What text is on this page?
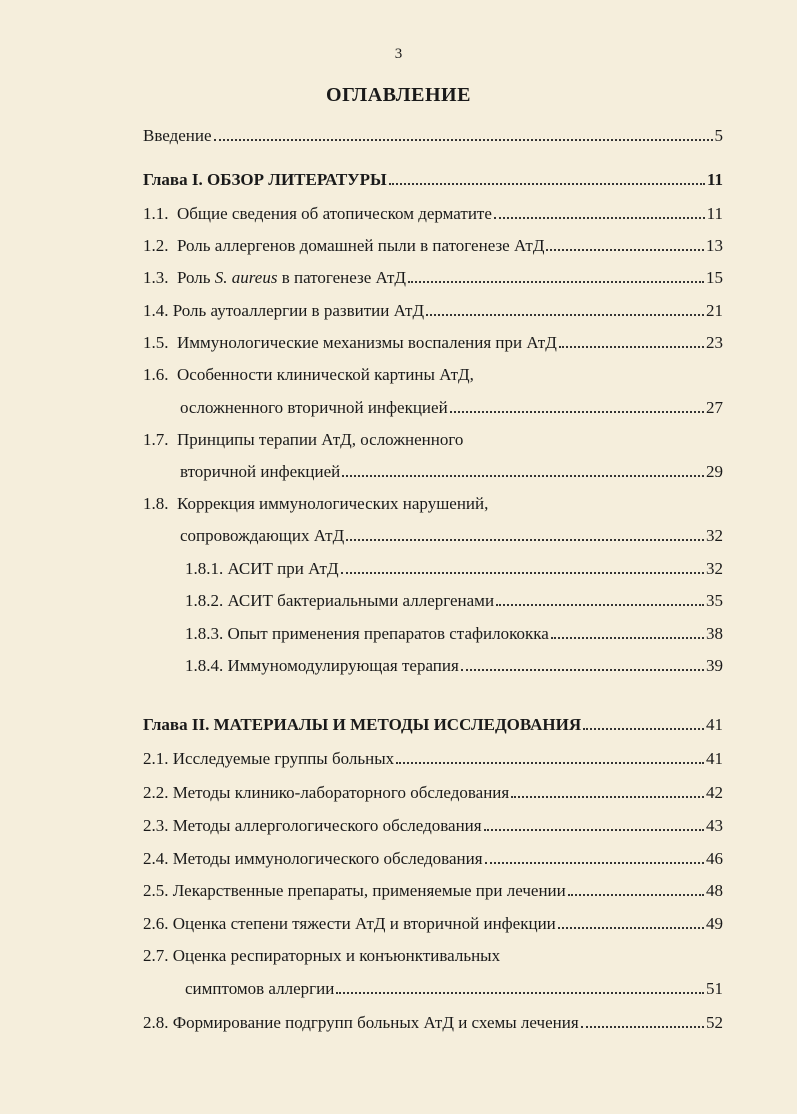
3
ОГЛАВЛЕНИЕ
Введение	5
Глава I. ОБЗОР ЛИТЕРАТУРЫ	11
1.1. Общие сведения об атопическом дерматите	11
1.2. Роль аллергенов домашней пыли в патогенезе АтД	13
1.3. Роль S. aureus в патогенезе АтД	15
1.4. Роль аутоаллергии в развитии АтД	21
1.5. Иммунологические механизмы воспаления при АтД	23
1.6. Особенности клинической картины АтД,
осложненного вторичной инфекцией	27
1.7. Принципы терапии АтД, осложненного
вторичной инфекцией	29
1.8. Коррекция иммунологических нарушений,
сопровождающих АтД	32
1.8.1. АСИТ при АтД	32
1.8.2. АСИТ бактериальными аллергенами	35
1.8.3. Опыт применения препаратов стафилококка	38
1.8.4. Иммуномодулирующая терапия	39
Глава II. МАТЕРИАЛЫ И МЕТОДЫ ИССЛЕДОВАНИЯ	41
2.1. Исследуемые группы больных	41
2.2. Методы клинико-лабораторного обследования	42
2.3. Методы аллергологического обследования	43
2.4. Методы иммунологического обследования	46
2.5. Лекарственные препараты, применяемые при лечении	48
2.6. Оценка степени тяжести АтД и вторичной инфекции	49
2.7. Оценка респираторных и конъюнктивальных
симптомов аллергии	51
2.8. Формирование подгрупп больных АтД и схемы лечения	52
